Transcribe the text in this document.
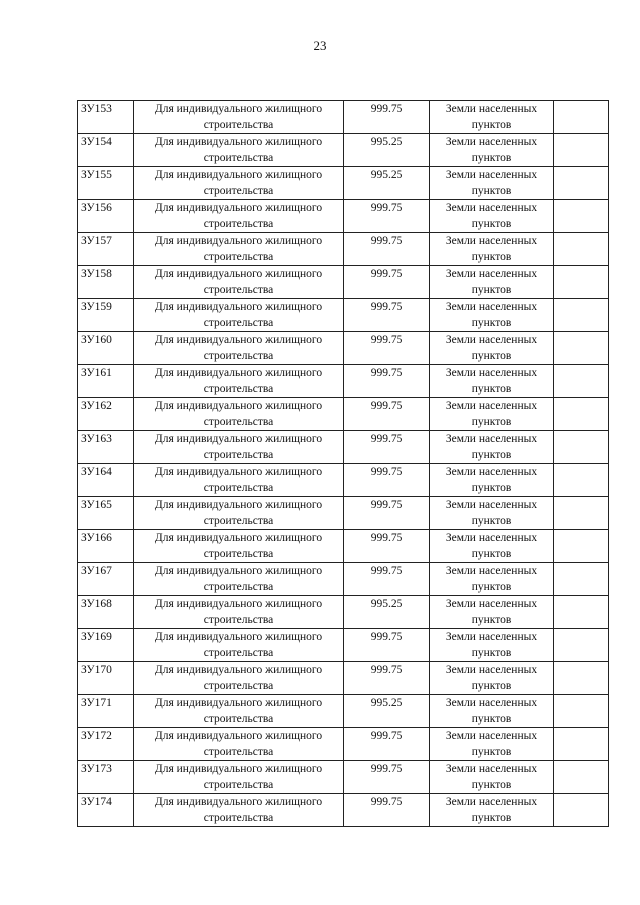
23
ЗУ153	Для индивидуального жилищного
строительства	999.75	Земли населенных
пунктов	

ЗУ154	Для индивидуального жилищного
строительства	995.25	Земли населенных
пунктов	

ЗУ155	Для индивидуального жилищного
строительства	995.25	Земли населенных
пунктов	

ЗУ156	Для индивидуального жилищного
строительства	999.75	Земли населенных
пунктов	

ЗУ157	Для индивидуального жилищного
строительства	999.75	Земли населенных
пунктов	

ЗУ158	Для индивидуального жилищного
строительства	999.75	Земли населенных
пунктов	

ЗУ159	Для индивидуального жилищного
строительства	999.75	Земли населенных
пунктов	

ЗУ160	Для индивидуального жилищного
строительства	999.75	Земли населенных
пунктов	

ЗУ161	Для индивидуального жилищного
строительства	999.75	Земли населенных
пунктов	

ЗУ162	Для индивидуального жилищного
строительства	999.75	Земли населенных
пунктов	

ЗУ163	Для индивидуального жилищного
строительства	999.75	Земли населенных
пунктов	

ЗУ164	Для индивидуального жилищного
строительства	999.75	Земли населенных
пунктов	

ЗУ165	Для индивидуального жилищного
строительства	999.75	Земли населенных
пунктов	

ЗУ166	Для индивидуального жилищного
строительства	999.75	Земли населенных
пунктов	

ЗУ167	Для индивидуального жилищного
строительства	999.75	Земли населенных
пунктов	

ЗУ168	Для индивидуального жилищного
строительства	995.25	Земли населенных
пунктов	

ЗУ169	Для индивидуального жилищного
строительства	999.75	Земли населенных
пунктов	

ЗУ170	Для индивидуального жилищного
строительства	999.75	Земли населенных
пунктов	

ЗУ171	Для индивидуального жилищного
строительства	995.25	Земли населенных
пунктов	

ЗУ172	Для индивидуального жилищного
строительства	999.75	Земли населенных
пунктов	

ЗУ173	Для индивидуального жилищного
строительства	999.75	Земли населенных
пунктов	

ЗУ174	Для индивидуального жилищного
строительства	999.75	Земли населенных
пунктов	
